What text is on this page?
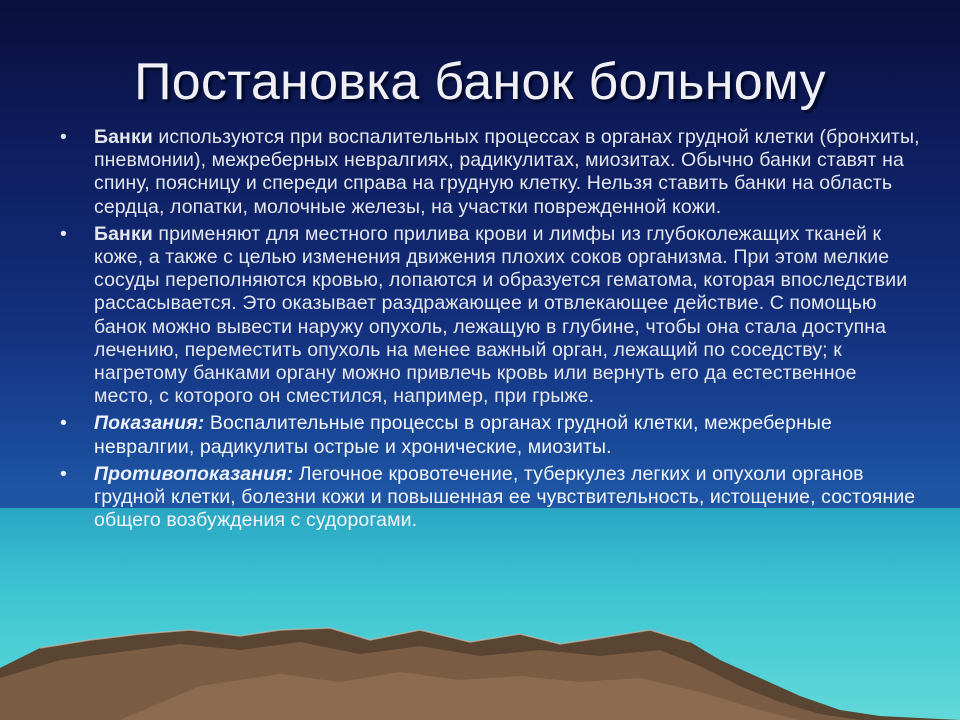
Постановка банок больному
• Банки используются при воспалительных процессах в органах грудной клетки (бронхиты, пневмонии), межреберных невралгиях, радикулитах, миозитах. Обычно банки ставят на спину, поясницу и спереди справа на грудную клетку. Нельзя ставить банки на область сердца, лопатки, молочные железы, на участки поврежденной кожи.
• Банки применяют для местного прилива крови и лимфы из глубоколежащих тканей к коже, а также с целью изменения движения плохих соков организма. При этом мелкие сосуды переполняются кровью, лопаются и образуется гематома, которая впоследствии рассасывается. Это оказывает раздражающее и отвлекающее действие. С помощью банок можно вывести наружу опухоль, лежащую в глубине, чтобы она стала доступна лечению, переместить опухоль на менее важный орган, лежащий по соседству; к нагретому банками органу можно привлечь кровь или вернуть его да естественное место, с которого он сместился, например, при грыже.
• Показания: Воспалительные процессы в органах грудной клетки, межреберные невралгии, радикулиты острые и хронические, миозиты.
• Противопоказания: Легочное кровотечение, туберкулез легких и опухоли органов грудной клетки, болезни кожи и повышенная ее чувствительность, истощение, состояние общего возбуждения с судорогами.
